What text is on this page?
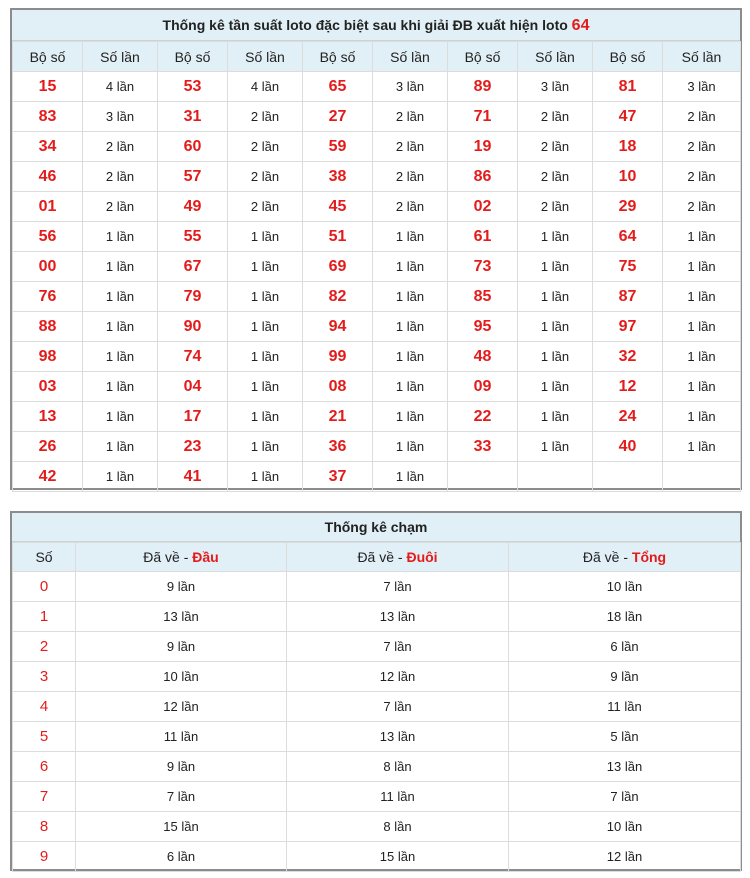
Thống kê tần suất loto đặc biệt sau khi giải ĐB xuất hiện loto 64
Bộ số	Số lần	Bộ số	Số lần	Bộ số	Số lần	Bộ số	Số lần	Bộ số	Số lần
15	4 lần	53	4 lần	65	3 lần	89	3 lần	81	3 lần
83	3 lần	31	2 lần	27	2 lần	71	2 lần	47	2 lần
34	2 lần	60	2 lần	59	2 lần	19	2 lần	18	2 lần
46	2 lần	57	2 lần	38	2 lần	86	2 lần	10	2 lần
01	2 lần	49	2 lần	45	2 lần	02	2 lần	29	2 lần
56	1 lần	55	1 lần	51	1 lần	61	1 lần	64	1 lần
00	1 lần	67	1 lần	69	1 lần	73	1 lần	75	1 lần
76	1 lần	79	1 lần	82	1 lần	85	1 lần	87	1 lần
88	1 lần	90	1 lần	94	1 lần	95	1 lần	97	1 lần
98	1 lần	74	1 lần	99	1 lần	48	1 lần	32	1 lần
03	1 lần	04	1 lần	08	1 lần	09	1 lần	12	1 lần
13	1 lần	17	1 lần	21	1 lần	22	1 lần	24	1 lần
26	1 lần	23	1 lần	36	1 lần	33	1 lần	40	1 lần
42	1 lần	41	1 lần	37	1 lần				
Thống kê chạm
Số	Đã về - Đầu	Đã về - Đuôi	Đã về - Tổng
0	9 lần	7 lần	10 lần
1	13 lần	13 lần	18 lần
2	9 lần	7 lần	6 lần
3	10 lần	12 lần	9 lần
4	12 lần	7 lần	11 lần
5	11 lần	13 lần	5 lần
6	9 lần	8 lần	13 lần
7	7 lần	11 lần	7 lần
8	15 lần	8 lần	10 lần
9	6 lần	15 lần	12 lần
